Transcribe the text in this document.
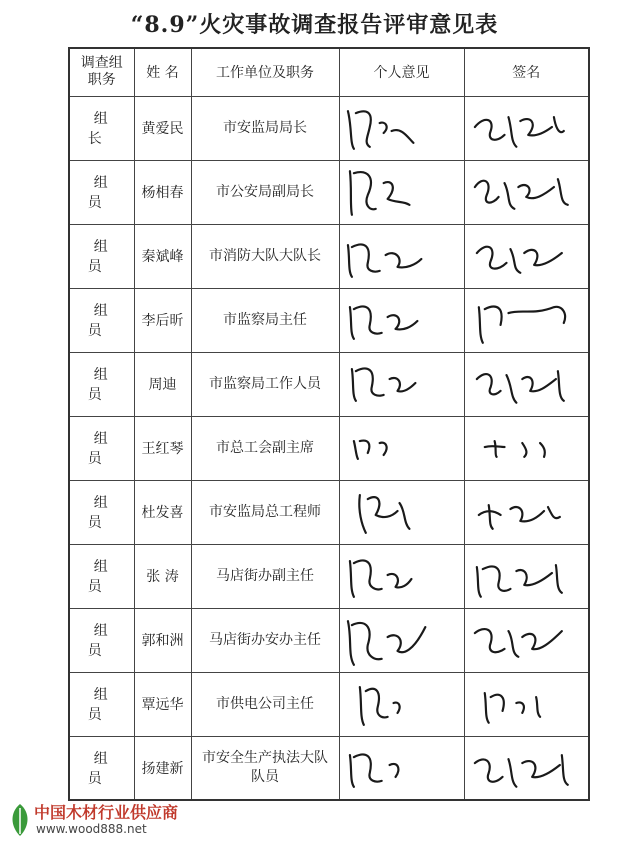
“8.9”火灾事故调查报告评审意见表
调查组
职务	姓 名	工作单位及职务	个人意见	签名
组长	黄爱民	市安监局局长	

组员	杨相春	市公安局副局长	

组员	秦斌峰	市消防大队大队长	

组员	李后昕	市监察局主任	

组员	周迪	市监察局工作人员	

组员	王红琴	市总工会副主席	

组员	杜发喜	市安监局总工程师	

组员	张 涛	马店街办副主任	

组员	郭和洲	马店街办安办主任	

组员	覃远华	市供电公司主任	

组员	扬建新	市安全生产执法大队队员	

中国木材行业供应商
www.wood888.net
